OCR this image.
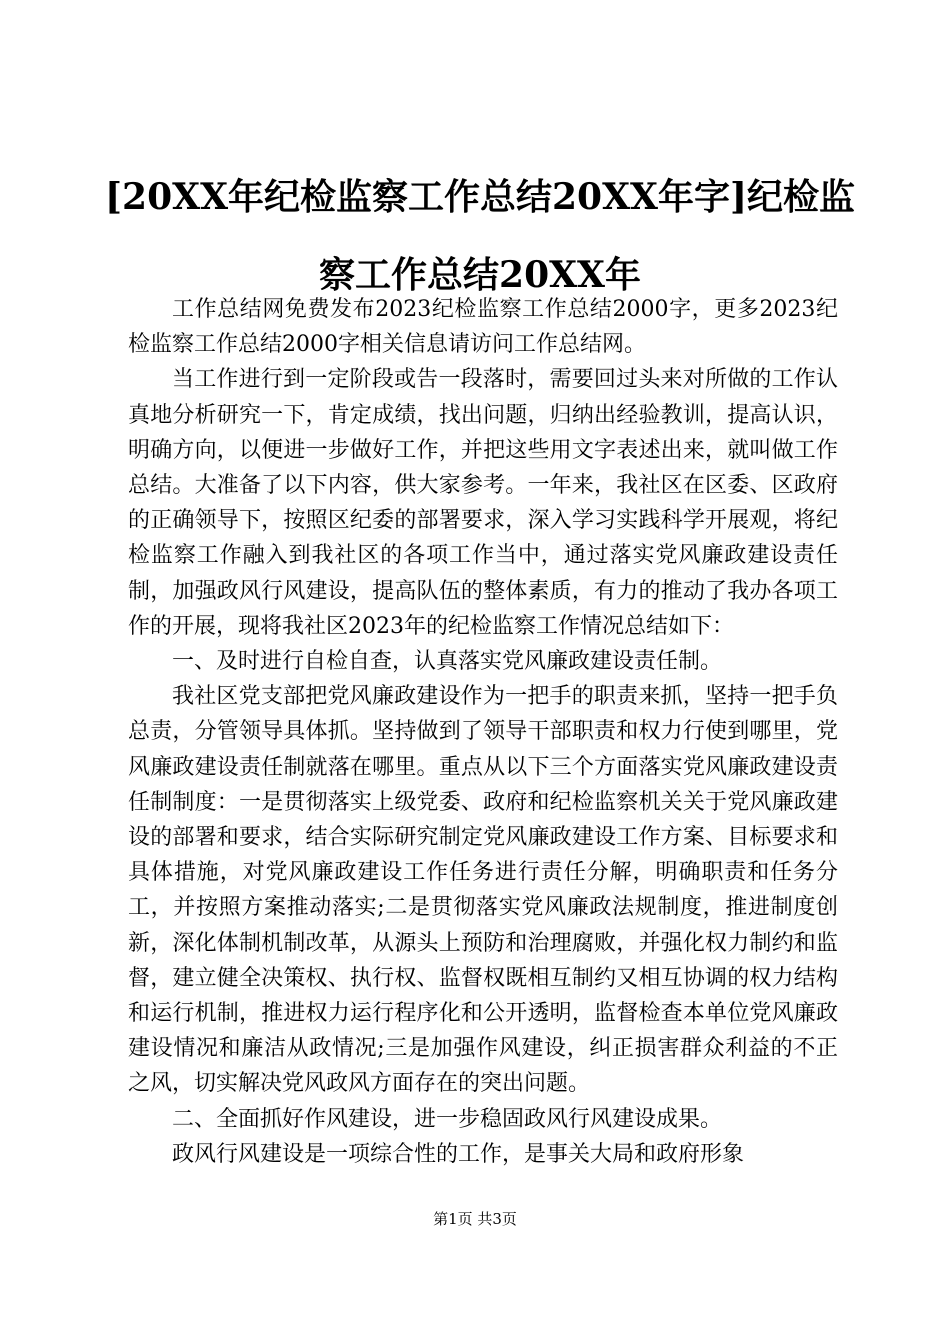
[20XX年纪检监察工作总结20XX年字]纪检监察工作总结20XX年

工作总结网免费发布2023纪检监察工作总结2000字，更多2023纪检监察工作总结2000字相关信息请访问工作总结网。

当工作进行到一定阶段或告一段落时，需要回过头来对所做的工作认真地分析研究一下，肯定成绩，找出问题，归纳出经验教训，提高认识，明确方向，以便进一步做好工作，并把这些用文字表述出来，就叫做工作总结。大准备了以下内容，供大家参考。一年来，我社区在区委、区政府的正确领导下，按照区纪委的部署要求，深入学习实践科学开展观，将纪检监察工作融入到我社区的各项工作当中，通过落实党风廉政建设责任制，加强政风行风建设，提高队伍的整体素质，有力的推动了我办各项工作的开展，现将我社区2023年的纪检监察工作情况总结如下：

一、及时进行自检自查，认真落实党风廉政建设责任制。

我社区党支部把党风廉政建设作为一把手的职责来抓，坚持一把手负总责，分管领导具体抓。坚持做到了领导干部职责和权力行使到哪里，党风廉政建设责任制就落在哪里。重点从以下三个方面落实党风廉政建设责任制制度：一是贯彻落实上级党委、政府和纪检监察机关关于党风廉政建设的部署和要求，结合实际研究制定党风廉政建设工作方案、目标要求和具体措施，对党风廉政建设工作任务进行责任分解，明确职责和任务分工，并按照方案推动落实;二是贯彻落实党风廉政法规制度，推进制度创新，深化体制机制改革，从源头上预防和治理腐败，并强化权力制约和监督，建立健全决策权、执行权、监督权既相互制约又相互协调的权力结构和运行机制，推进权力运行程序化和公开透明，监督检查本单位党风廉政建设情况和廉洁从政情况;三是加强作风建设，纠正损害群众利益的不正之风，切实解决党风政风方面存在的突出问题。

二、全面抓好作风建设，进一步稳固政风行风建设成果。

政风行风建设是一项综合性的工作，是事关大局和政府形象

第1页 共3页
